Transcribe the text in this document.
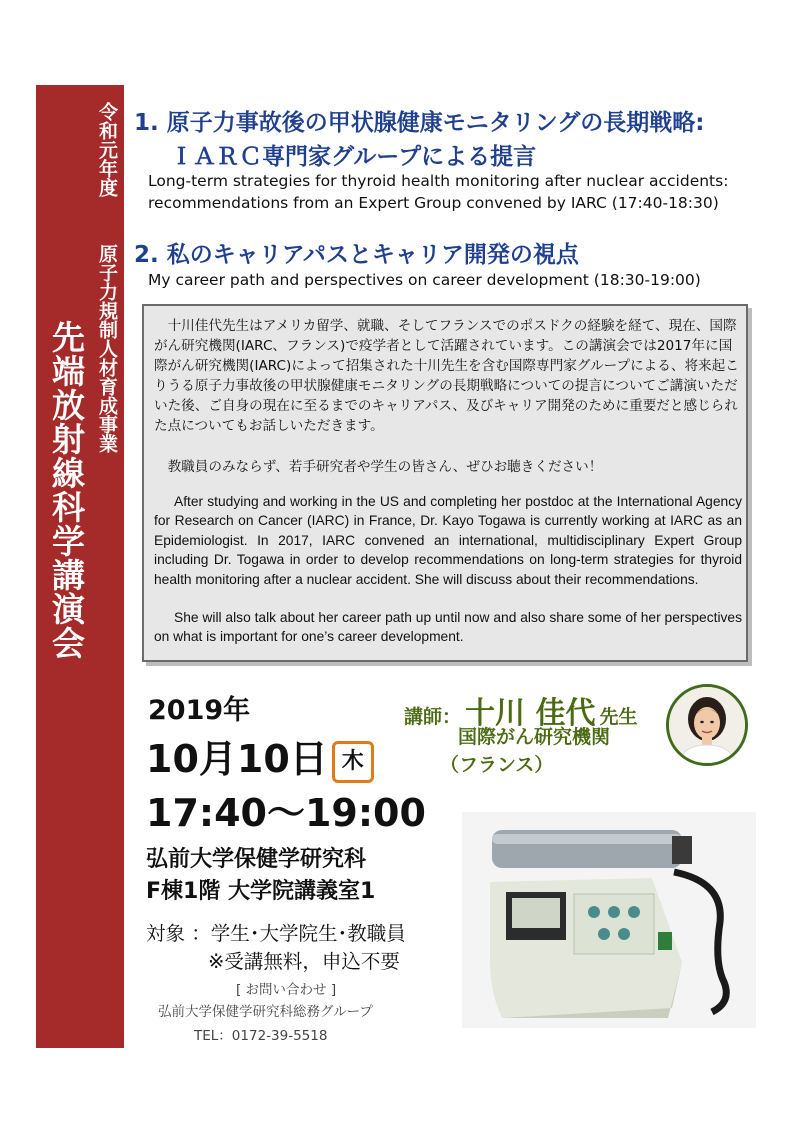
令和元年度
原子力規制人材育成事業
先端放射線科学講演会
1. 原子力事故後の甲状腺健康モニタリングの長期戦略:
ＩＡＲＣ専門家グループによる提言
Long-term strategies for thyroid health monitoring after nuclear accidents:
recommendations from an Expert Group convened by IARC (17:40-18:30)
2. 私のキャリアパスとキャリア開発の視点
My career path and perspectives on career development (18:30-19:00)

　十川佳代先生はアメリカ留学、就職、そしてフランスでのポスドクの経験を経て、現在、国際がん研究機関(IARC、フランス)で疫学者として活躍されています。この講演会では2017年に国際がん研究機関(IARC)によって招集された十川先生を含む国際専門家グループによる、将来起こりうる原子力事故後の甲状腺健康モニタリングの長期戦略についての提言についてご講演いただいた後、ご自身の現在に至るまでのキャリアパス、及びキャリア開発のために重要だと感じられた点についてもお話しいただきます。

　教職員のみならず、若手研究者や学生の皆さん、ぜひお聴きください！

After studying and working in the US and completing her postdoc at the International Agency for Research on Cancer (IARC) in France, Dr. Kayo Togawa is currently working at IARC as an Epidemiologist. In 2017, IARC convened an international, multidisciplinary Expert Group including Dr. Togawa in order to develop recommendations on long-term strategies for thyroid health monitoring after a nuclear accident. She will discuss about their recommendations.

She will also talk about her career path up until now and also share some of her perspectives on what is important for one’s career development.

2019年
10月10日 木
17:40～19:00
弘前大学保健学研究科
F棟1階 大学院講義室1
対象 ：学生･大学院生･教職員
※受講無料，申込不要
[ お問い合わせ ]
弘前大学保健学研究科総務グループ
TEL：0172-39-5518
講師： 十川 佳代 先生
国際がん研究機関
（フランス）
